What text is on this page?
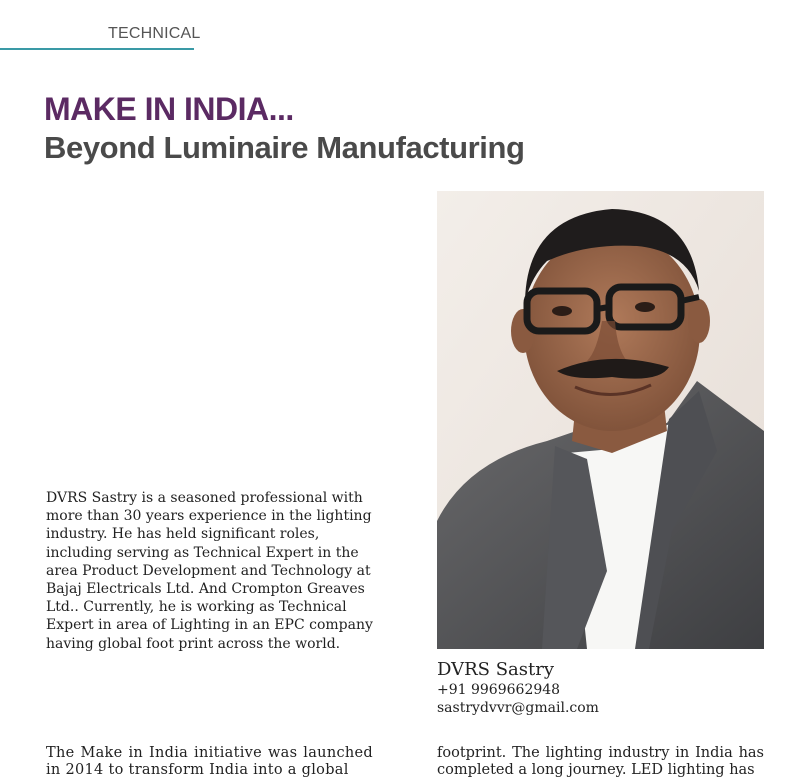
TECHNICAL
MAKE IN INDIA...
Beyond Luminaire Manufacturing

DVRS Sastry is a seasoned professional with more than 30 years experience in the lighting industry. He has held significant roles, including serving as Technical Expert in the area Product Development and Technology at Bajaj Electricals Ltd. And Crompton Greaves Ltd.. Currently, he is working as Technical Expert in area of Lighting in an EPC company having global foot print across the world.

DVRS Sastry
+91 9969662948
sastrydvvr@gmail.com

The Make in India initiative was launched in 2014 to transform India into a global

footprint. The lighting industry in India has completed a long journey. LED lighting has
